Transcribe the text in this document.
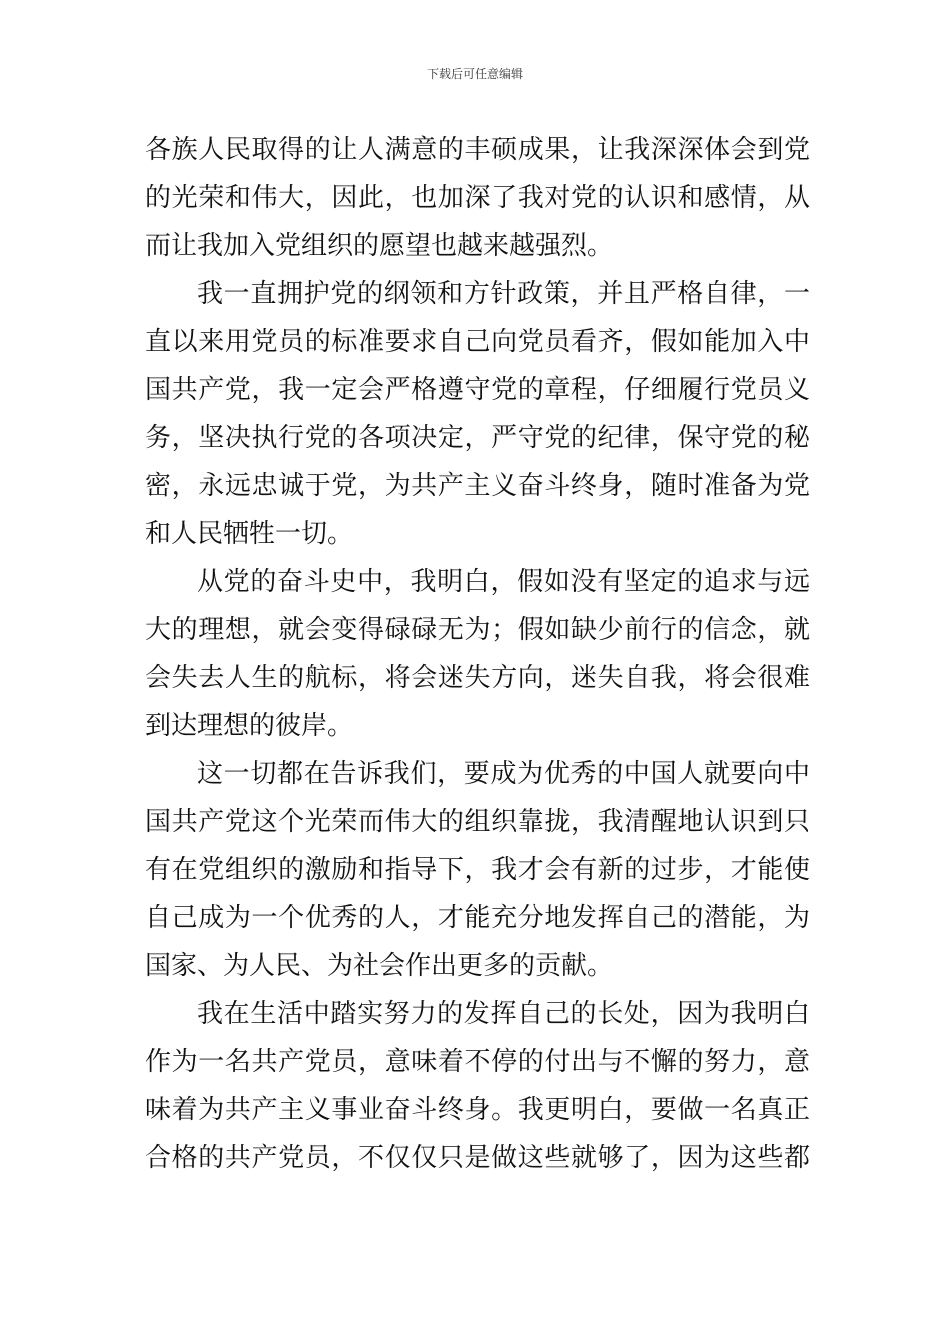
下载后可任意编辑
各族人民取得的让人满意的丰硕成果，让我深深体会到党
的光荣和伟大，因此，也加深了我对党的认识和感情，从
而让我加入党组织的愿望也越来越强烈。
我一直拥护党的纲领和方针政策，并且严格自律，一
直以来用党员的标准要求自己向党员看齐，假如能加入中
国共产党，我一定会严格遵守党的章程，仔细履行党员义
务，坚决执行党的各项决定，严守党的纪律，保守党的秘
密，永远忠诚于党，为共产主义奋斗终身，随时准备为党
和人民牺牲一切。
从党的奋斗史中，我明白，假如没有坚定的追求与远
大的理想，就会变得碌碌无为；假如缺少前行的信念，就
会失去人生的航标，将会迷失方向，迷失自我，将会很难
到达理想的彼岸。
这一切都在告诉我们，要成为优秀的中国人就要向中
国共产党这个光荣而伟大的组织靠拢，我清醒地认识到只
有在党组织的激励和指导下，我才会有新的过步，才能使
自己成为一个优秀的人，才能充分地发挥自己的潜能，为
国家、为人民、为社会作出更多的贡献。
我在生活中踏实努力的发挥自己的长处，因为我明白
作为一名共产党员，意味着不停的付出与不懈的努力，意
味着为共产主义事业奋斗终身。我更明白，要做一名真正
合格的共产党员，不仅仅只是做这些就够了，因为这些都
